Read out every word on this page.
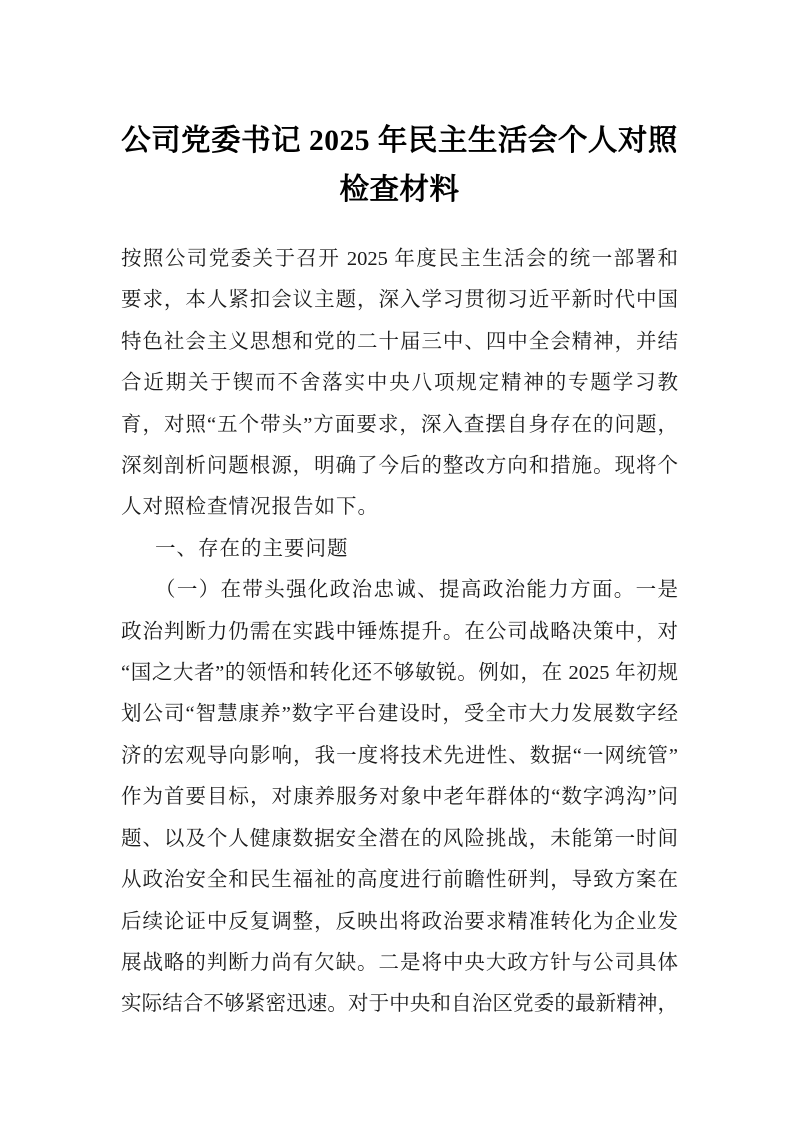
公司党委书记 2025 年民主生活会个人对照
检查材料

按照公司党委关于召开 2025 年度民主生活会的统一部署和
要求，本人紧扣会议主题，深入学习贯彻习近平新时代中国
特色社会主义思想和党的二十届三中、四中全会精神，并结
合近期关于锲而不舍落实中央八项规定精神的专题学习教
育，对照“五个带头”方面要求，深入查摆自身存在的问题，
深刻剖析问题根源，明确了今后的整改方向和措施。现将个
人对照检查情况报告如下。

一、存在的主要问题

（一）在带头强化政治忠诚、提高政治能力方面。一是
政治判断力仍需在实践中锤炼提升。在公司战略决策中，对
“国之大者”的领悟和转化还不够敏锐。例如，在 2025 年初规
划公司“智慧康养”数字平台建设时，受全市大力发展数字经
济的宏观导向影响，我一度将技术先进性、数据“一网统管”
作为首要目标，对康养服务对象中老年群体的“数字鸿沟”问
题、以及个人健康数据安全潜在的风险挑战，未能第一时间
从政治安全和民生福祉的高度进行前瞻性研判，导致方案在
后续论证中反复调整，反映出将政治要求精准转化为企业发
展战略的判断力尚有欠缺。二是将中央大政方针与公司具体
实际结合不够紧密迅速。对于中央和自治区党委的最新精神，
